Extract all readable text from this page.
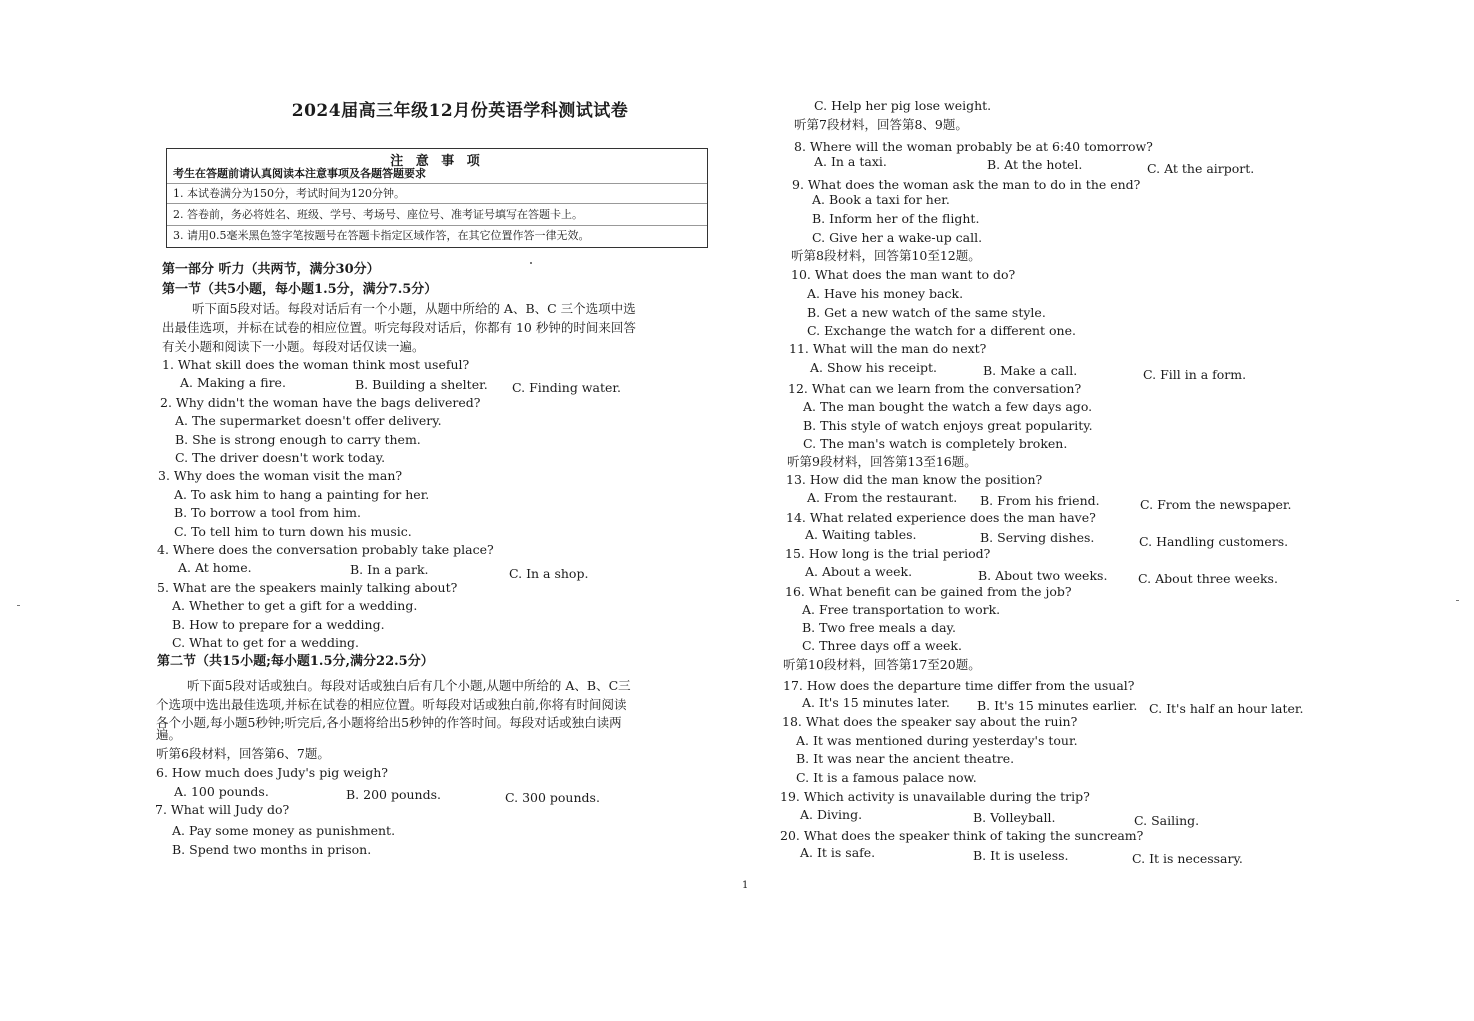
2024届高三年级12月份英语学科测试试卷
注 意 事 项
考生在答题前请认真阅读本注意事项及各题答题要求
1. 本试卷满分为150分，考试时间为120分钟。
2. 答卷前，务必将姓名、班级、学号、考场号、座位号、准考证号填写在答题卡上。
3. 请用0.5毫米黑色签字笔按题号在答题卡指定区域作答，在其它位置作答一律无效。
第一部分 听力（共两节，满分30分）
第一节（共5小题，每小题1.5分，满分7.5分）
听下面5段对话。每段对话后有一个小题，从题中所给的 A、B、C 三个选项中选
出最佳选项，并标在试卷的相应位置。听完每段对话后，你都有 10 秒钟的时间来回答
有关小题和阅读下一小题。每段对话仅读一遍。
1. What skill does the woman think most useful?
A. Making a fire.	B. Building a shelter. C. Finding water.
2. Why didn't the woman have the bags delivered?
A. The supermarket doesn't offer delivery.
B. She is strong enough to carry them.
C. The driver doesn't work today.
3. Why does the woman visit the man?
A. To ask him to hang a painting for her.
B. To borrow a tool from him.
C. To tell him to turn down his music.
4. Where does the conversation probably take place?
A. At home.	B. In a park.	C. In a shop.
5. What are the speakers mainly talking about?
A. Whether to get a gift for a wedding.
B. How to prepare for a wedding.
C. What to get for a wedding.
第二节（共15小题;每小题1.5分,满分22.5分）
听下面5段对话或独白。每段对话或独白后有几个小题,从题中所给的 A、B、C三
个选项中选出最佳选项,并标在试卷的相应位置。听每段对话或独白前,你将有时间阅读
各个小题,每小题5秒钟;听完后,各小题将给出5秒钟的作答时间。每段对话或独白读两
遍。
听第6段材料，回答第6、7题。
6. How much does Judy's pig weigh?
A. 100 pounds.	B. 200 pounds.	C. 300 pounds.
7. What will Judy do?
A. Pay some money as punishment.
B. Spend two months in prison.
C. Help her pig lose weight.
听第7段材料，回答第8、9题。
8. Where will the woman probably be at 6:40 tomorrow?
A. In a taxi.	B. At the hotel.	C. At the airport.
9. What does the woman ask the man to do in the end?
A. Book a taxi for her.
B. Inform her of the flight.
C. Give her a wake-up call.
听第8段材料，回答第10至12题。
10. What does the man want to do?
A. Have his money back.
B. Get a new watch of the same style.
C. Exchange the watch for a different one.
11. What will the man do next?
A. Show his receipt.	B. Make a call.	C. Fill in a form.
12. What can we learn from the conversation?
A. The man bought the watch a few days ago.
B. This style of watch enjoys great popularity.
C. The man's watch is completely broken.
听第9段材料，回答第13至16题。
13. How did the man know the position?
A. From the restaurant. B. From his friend.	C. From the newspaper.
14. What related experience does the man have?
A. Waiting tables.	B. Serving dishes.	C. Handling customers.
15. How long is the trial period?
A. About a week.	B. About two weeks. C. About three weeks.
16. What benefit can be gained from the job?
A. Free transportation to work.
B. Two free meals a day.
C. Three days off a week.
听第10段材料，回答第17至20题。
17. How does the departure time differ from the usual?
A. It's 15 minutes later. B. It's 15 minutes earlier. C. It's half an hour later.
18. What does the speaker say about the ruin?
A. It was mentioned during yesterday's tour.
B. It was near the ancient theatre.
C. It is a famous palace now.
19. Which activity is unavailable during the trip?
A. Diving.	B. Volleyball.	C. Sailing.
20. What does the speaker think of taking the suncream?
A. It is safe.	B. It is useless.	C. It is necessary.
1
